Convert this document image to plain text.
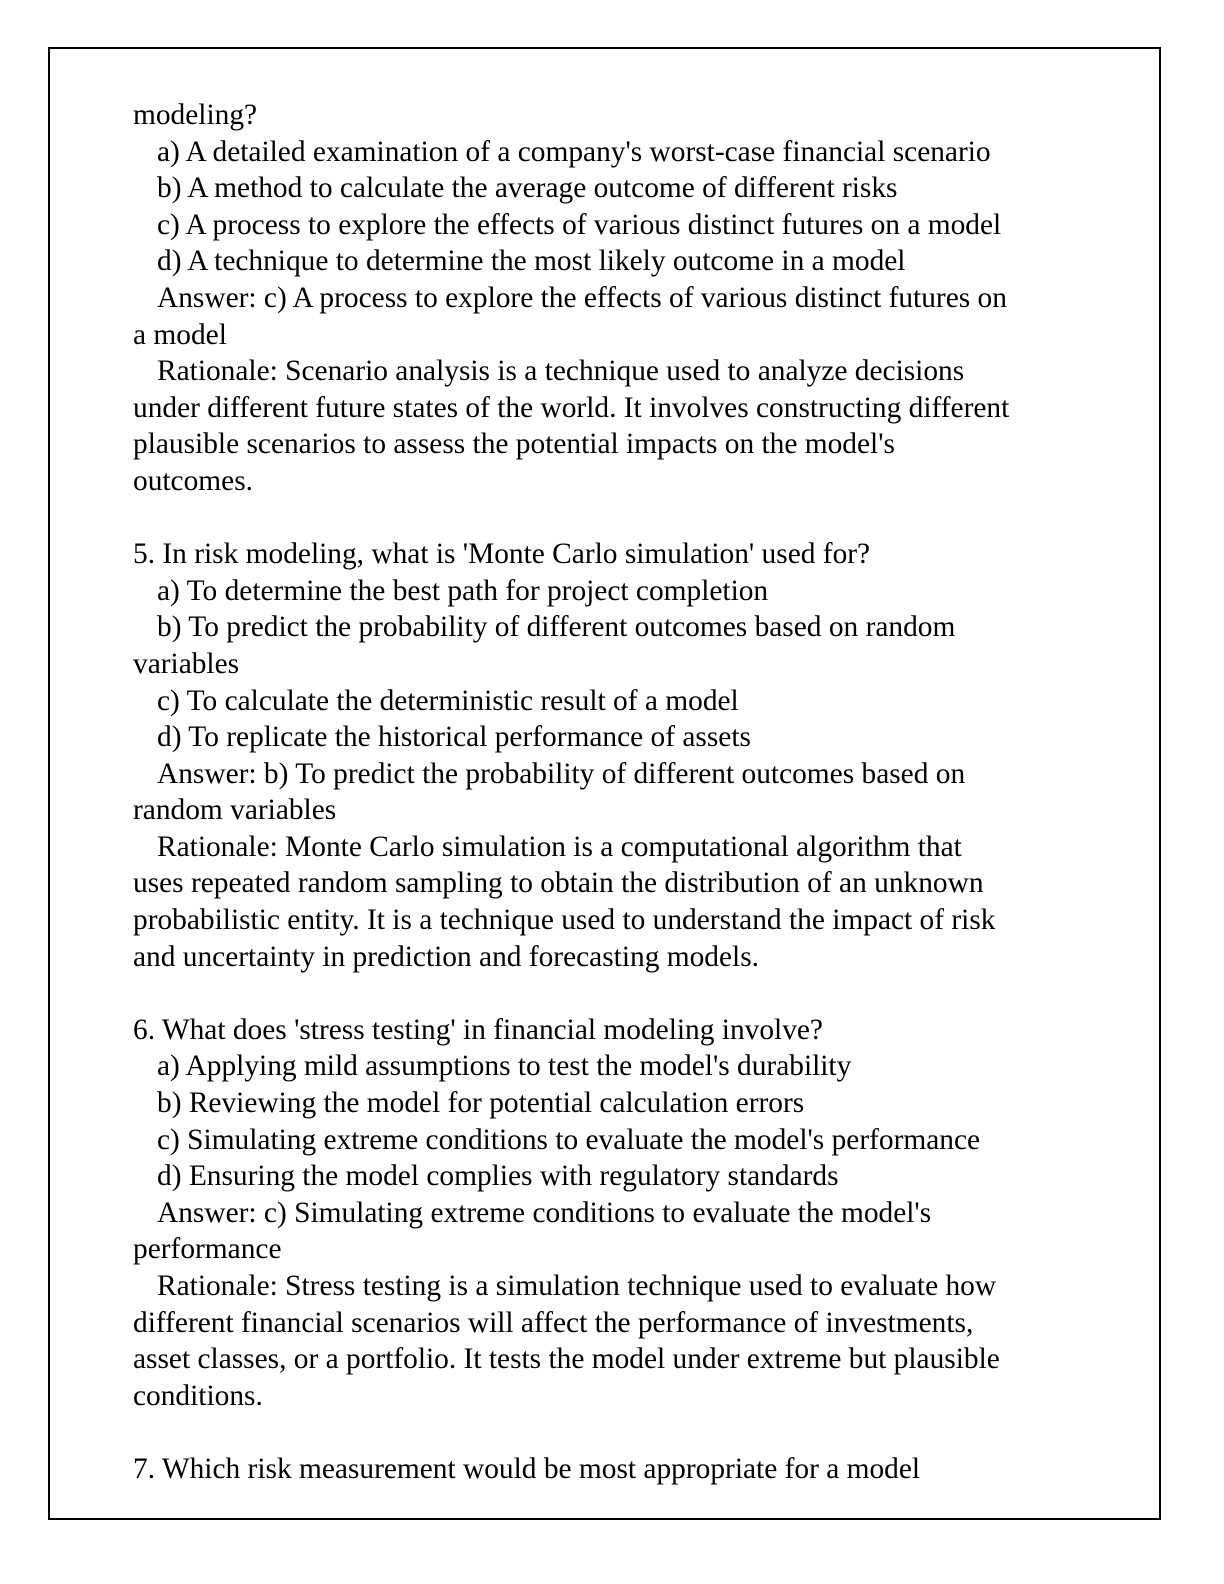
modeling?
a) A detailed examination of a company's worst-case financial scenario
b) A method to calculate the average outcome of different risks
c) A process to explore the effects of various distinct futures on a model
d) A technique to determine the most likely outcome in a model
Answer: c) A process to explore the effects of various distinct futures on
a model
Rationale: Scenario analysis is a technique used to analyze decisions
under different future states of the world. It involves constructing different
plausible scenarios to assess the potential impacts on the model's
outcomes.
5. In risk modeling, what is 'Monte Carlo simulation' used for?
a) To determine the best path for project completion
b) To predict the probability of different outcomes based on random
variables
c) To calculate the deterministic result of a model
d) To replicate the historical performance of assets
Answer: b) To predict the probability of different outcomes based on
random variables
Rationale: Monte Carlo simulation is a computational algorithm that
uses repeated random sampling to obtain the distribution of an unknown
probabilistic entity. It is a technique used to understand the impact of risk
and uncertainty in prediction and forecasting models.
6. What does 'stress testing' in financial modeling involve?
a) Applying mild assumptions to test the model's durability
b) Reviewing the model for potential calculation errors
c) Simulating extreme conditions to evaluate the model's performance
d) Ensuring the model complies with regulatory standards
Answer: c) Simulating extreme conditions to evaluate the model's
performance
Rationale: Stress testing is a simulation technique used to evaluate how
different financial scenarios will affect the performance of investments,
asset classes, or a portfolio. It tests the model under extreme but plausible
conditions.
7. Which risk measurement would be most appropriate for a model
